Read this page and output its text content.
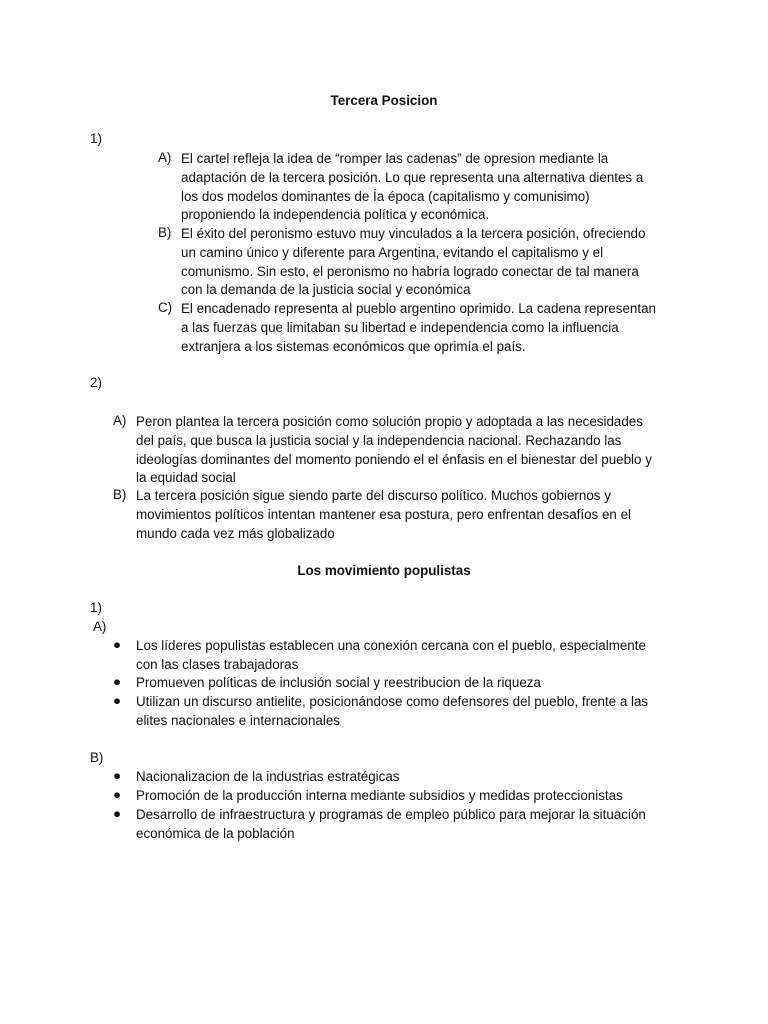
Tercera Posicion
1)
A) El cartel refleja la idea de “romper las cadenas” de opresion mediante la
adaptación de la tercera posición. Lo que representa una alternativa dientes a
los dos modelos dominantes de Ía época (capitalismo y comunisimo)
proponiendo la independencia política y económica.
B) El éxito del peronismo estuvo muy vinculados a la tercera posición, ofreciendo
un camino único y diferente para Argentina, evitando el capitalismo y el
comunismo. Sin esto, el peronismo no habría logrado conectar de tal manera
con la demanda de la justicia social y económica
C) El encadenado representa al pueblo argentino oprimido. La cadena representan
a las fuerzas que limitaban su libertad e independencia como la influencia
extranjera a los sistemas económicos que oprimía el país.
2)
A) Peron plantea la tercera posición como solución propio y adoptada a las necesidades
del país, que busca la justicia social y la independencia nacional. Rechazando las
ideologías dominantes del momento poniendo el el énfasis en el bienestar del pueblo y
la equidad social
B) La tercera posición sigue siendo parte del discurso político. Muchos gobiernos y
movimientos políticos intentan mantener esa postura, pero enfrentan desafíos en el
mundo cada vez más globalizado
Los movimiento populistas
1)
A)
● Los líderes populistas establecen una conexión cercana con el pueblo, especialmente
con las clases trabajadoras
● Promueven políticas de inclusión social y reestribucion de la riqueza
● Utilizan un discurso antielite, posicionándose como defensores del pueblo, frente a las
elites nacionales e internacionales
B)
● Nacionalizacion de la industrias estratégicas
● Promoción de la producción interna mediante subsidios y medidas proteccionistas
● Desarrollo de infraestructura y programas de empleo público para mejorar la situación
económica de la población
